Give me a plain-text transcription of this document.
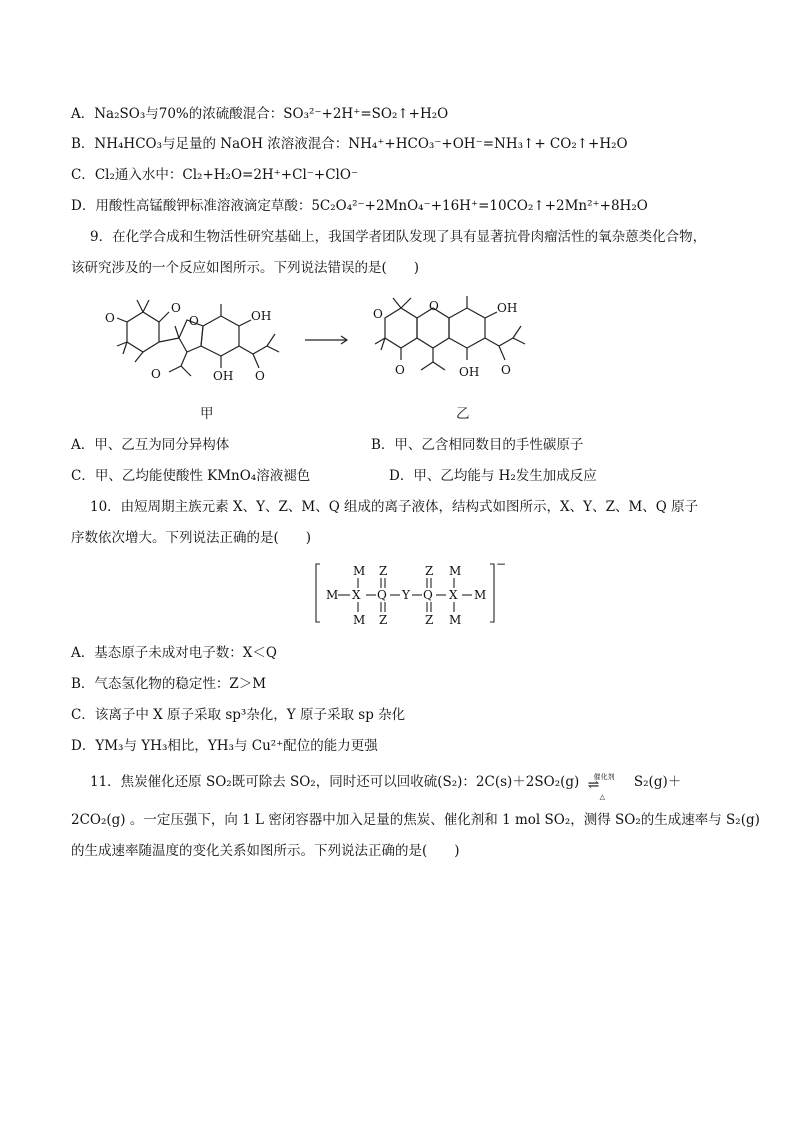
A．Na₂SO₃与70%的浓硫酸混合：SO₃²⁻+2H⁺=SO₂↑+H₂O
B．NH₄HCO₃与足量的 NaOH 浓溶液混合：NH₄⁺+HCO₃⁻+OH⁻=NH₃↑+ CO₂↑+H₂O
C．Cl₂通入水中：Cl₂+H₂O=2H⁺+Cl⁻+ClO⁻
D．用酸性高锰酸钾标准溶液滴定草酸：5C₂O₄²⁻+2MnO₄⁻+16H⁺=10CO₂↑+2Mn²⁺+8H₂O
9．在化学合成和生物活性研究基础上，我国学者团队发现了具有显著抗骨肉瘤活性的氧杂蒽类化合物，
该研究涉及的一个反应如图所示。下列说法错误的是(　　)
O
O
O
O	OH
OH O
O
O
O	OH
OH O
甲	乙
A．甲、乙互为同分异构体	B．甲、乙含相同数目的手性碳原子
C．甲、乙均能使酸性 KMnO₄溶液褪色	D．甲、乙均能与 H₂发生加成反应
10．由短周期主族元素 X、Y、Z、M、Q 组成的离子液体，结构式如图所示，X、Y、Z、M、Q 原子
序数依次增大。下列说法正确的是(　　)
M X Q Y Q X M
M
M
M
M
Z
Z
Z
Z
−
A．基态原子未成对电子数：X＜Q
B．气态氢化物的稳定性：Z＞M
C．该离子中 X 原子采取 sp³杂化，Y 原子采取 sp 杂化
D．YM₃与 YH₃相比，YH₃与 Cu²⁺配位的能力更强
11．焦炭催化还原 SO₂既可除去 SO₂，同时还可以回收硫(S₂)：2C(s)＋2SO₂(g) 催化剂
⇌
△
S₂(g)＋
2CO₂(g) 。一定压强下，向 1 L 密闭容器中加入足量的焦炭、催化剂和 1 mol SO₂，测得 SO₂的生成速率与 S₂(g)
的生成速率随温度的变化关系如图所示。下列说法正确的是(　　)
